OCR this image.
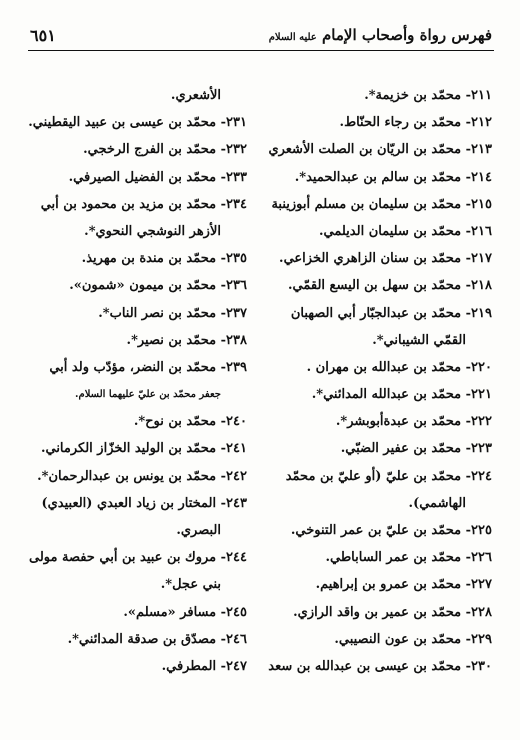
٦٥١	فهرس رواة وأصحاب الإمام عليه السلام
٢١١- محمّد بن خزيمة*.
٢١٢- محمّد بن رجاء الحنّاط.
٢١٣- محمّد بن الريّان بن الصلت الأشعري
٢١٤- محمّد بن سالم بن عبدالحميد*.
٢١٥- محمّد بن سليمان بن مسلم أبوزينبة
٢١٦- محمّد بن سليمان الديلمي.
٢١٧- محمّد بن سنان الزاهري الخزاعي.
٢١٨- محمّد بن سهل بن اليسع القمّي.
٢١٩- محمّد بن عبدالجبّار أبي الصهبان
القمّي الشيباني*.
٢٢٠- محمّد بن عبدالله بن مهران .
٢٢١- محمّد بن عبدالله المدائني*.
٢٢٢- محمّد بن عبدةأبوبشر*.
٢٢٣- محمّد بن عفير الضبّي.
٢٢٤- محمّد بن عليّ (أو عليّ بن محمّد
الهاشمي).
٢٢٥- محمّد بن عليّ بن عمر التنوخي.
٢٢٦- محمّد بن عمر الساباطي.
٢٢٧- محمّد بن عمرو بن إبراهيم.
٢٢٨- محمّد بن عمير بن واقد الرازي.
٢٢٩- محمّد بن عون النصيبي.
٢٣٠- محمّد بن عيسى بن عبدالله بن سعد
الأشعري.
٢٣١- محمّد بن عيسى بن عبيد اليقطيني.
٢٣٢- محمّد بن الفرج الرخجي.
٢٣٣- محمّد بن الفضيل الصيرفي.
٢٣٤- محمّد بن مزيد بن محمود بن أبي
الأزهر النوشجي النحوي*.
٢٣٥- محمّد بن مندة بن مهريذ.
٢٣٦- محمّد بن ميمون «شمون».
٢٣٧- محمّد بن نصر الناب*.
٢٣٨- محمّد بن نصير*.
٢٣٩- محمّد بن النضر، مؤدّب ولد أبي
جعفر محمّد بن عليّ عليهما السلام.
٢٤٠- محمّد بن نوح*.
٢٤١- محمّد بن الوليد الخزّاز الكرماني.
٢٤٢- محمّد بن يونس بن عبدالرحمان*.
٢٤٣- المختار بن زياد العبدي (العبيدي)
البصري.
٢٤٤- مروك بن عبيد بن أبي حفصة مولى
بني عجل*.
٢٤٥- مسافر «مسلم».
٢٤٦- مصدّق بن صدقة المدائني*.
٢٤٧- المطرفي.
